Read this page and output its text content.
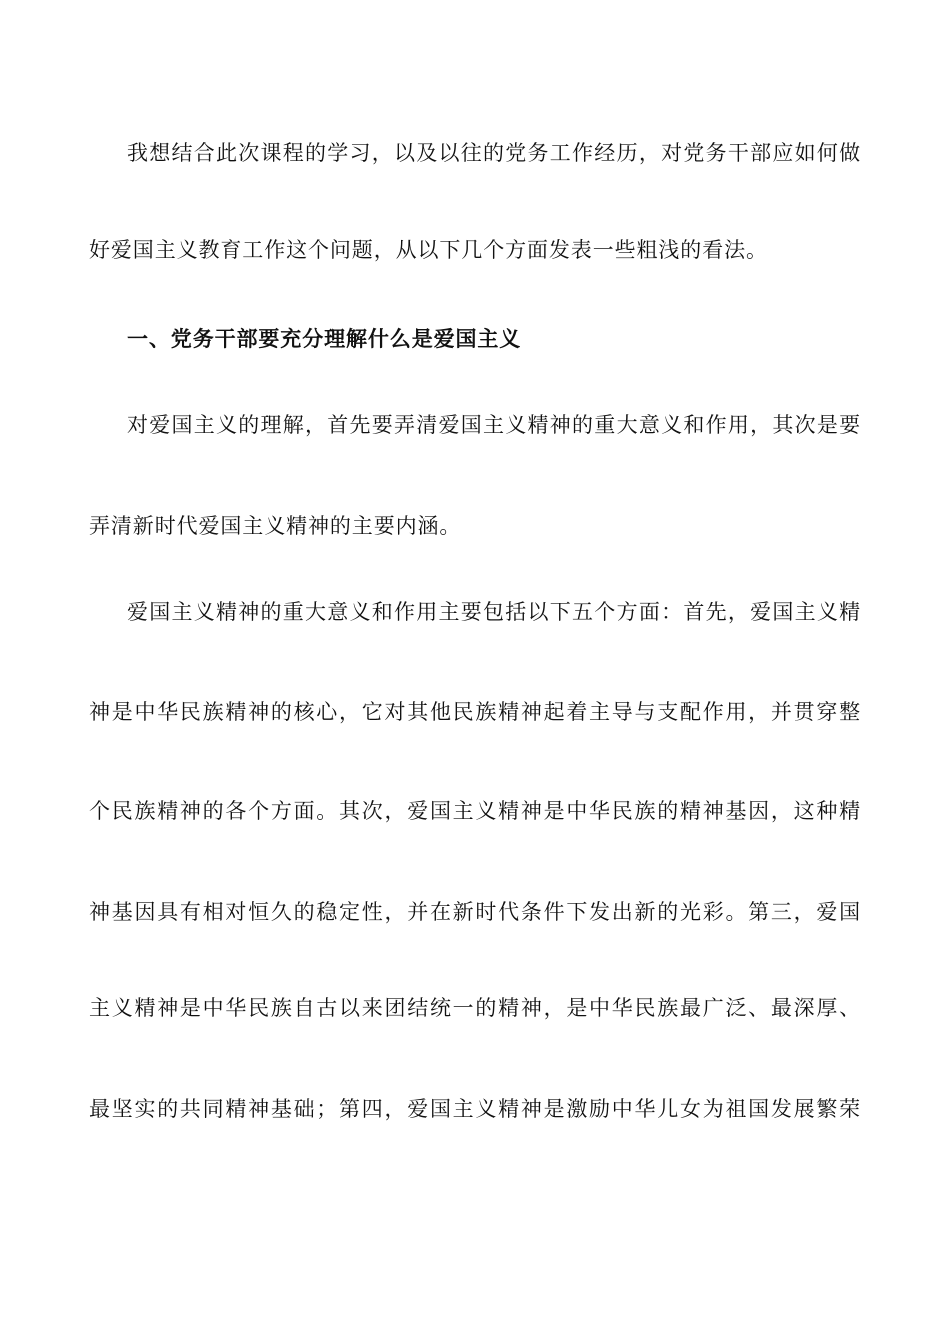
我想结合此次课程的学习，以及以往的党务工作经历，对党务干部应如何做
好爱国主义教育工作这个问题，从以下几个方面发表一些粗浅的看法。
一、党务干部要充分理解什么是爱国主义
对爱国主义的理解，首先要弄清爱国主义精神的重大意义和作用，其次是要
弄清新时代爱国主义精神的主要内涵。
爱国主义精神的重大意义和作用主要包括以下五个方面：首先，爱国主义精
神是中华民族精神的核心，它对其他民族精神起着主导与支配作用，并贯穿整
个民族精神的各个方面。其次，爱国主义精神是中华民族的精神基因，这种精
神基因具有相对恒久的稳定性，并在新时代条件下发出新的光彩。第三，爱国
主义精神是中华民族自古以来团结统一的精神，是中华民族最广泛、最深厚、
最坚实的共同精神基础；第四，爱国主义精神是激励中华儿女为祖国发展繁荣
